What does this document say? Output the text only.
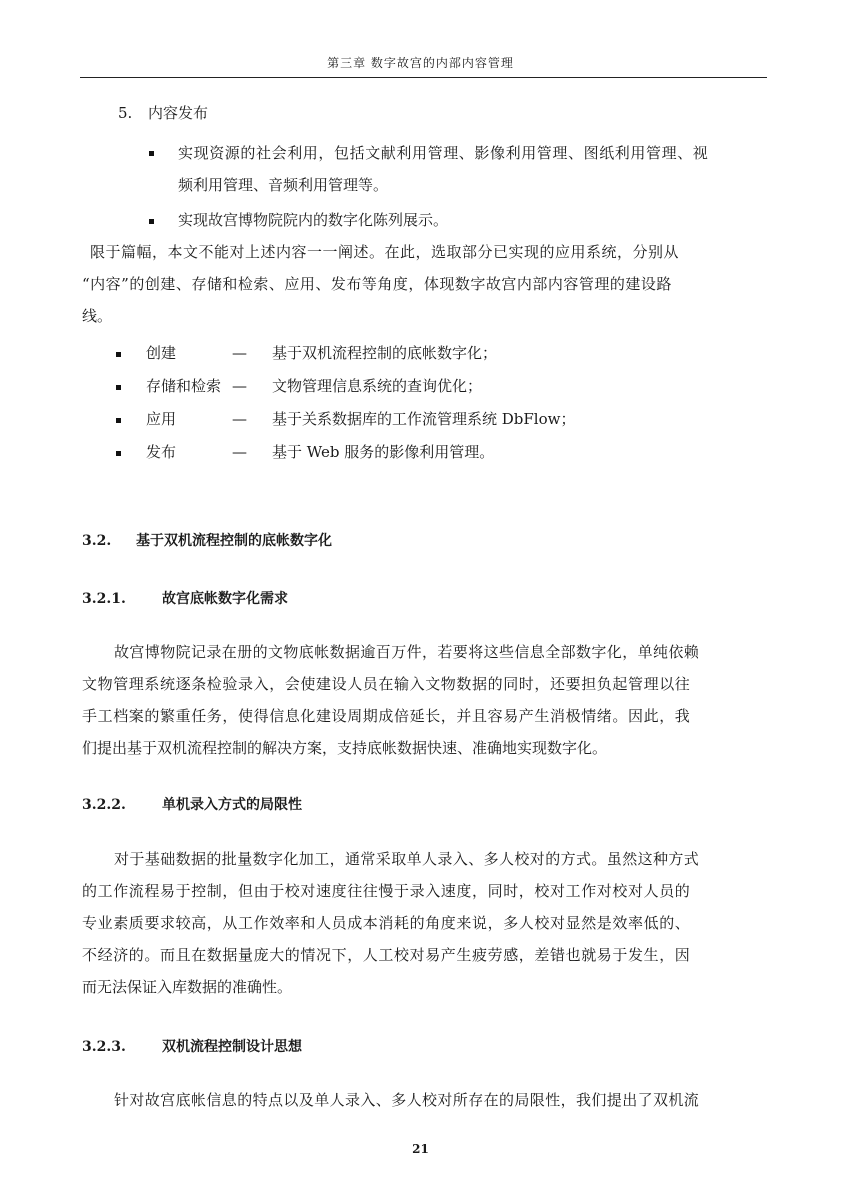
第三章 数字故宫的内部内容管理
5. 内容发布
实现资源的社会利用，包括文献利用管理、影像利用管理、图纸利用管理、视
频利用管理、音频利用管理等。
实现故宫博物院院内的数字化陈列展示。
限于篇幅，本文不能对上述内容一一阐述。在此，选取部分已实现的应用系统，分别从
“内容”的创建、存储和检索、应用、发布等角度，体现数字故宫内部内容管理的建设路
线。
创建	— 基于双机流程控制的底帐数字化；
存储和检索 — 文物管理信息系统的查询优化；
应用	— 基于关系数据库的工作流管理系统 DbFlow；
发布	— 基于 Web 服务的影像利用管理。
3.2. 基于双机流程控制的底帐数字化
3.2.1.	故宫底帐数字化需求
故宫博物院记录在册的文物底帐数据逾百万件，若要将这些信息全部数字化，单纯依赖
文物管理系统逐条检验录入，会使建设人员在输入文物数据的同时，还要担负起管理以往
手工档案的繁重任务，使得信息化建设周期成倍延长，并且容易产生消极情绪。因此，我
们提出基于双机流程控制的解决方案，支持底帐数据快速、准确地实现数字化。
3.2.2.	单机录入方式的局限性
对于基础数据的批量数字化加工，通常采取单人录入、多人校对的方式。虽然这种方式
的工作流程易于控制，但由于校对速度往往慢于录入速度，同时，校对工作对校对人员的
专业素质要求较高，从工作效率和人员成本消耗的角度来说，多人校对显然是效率低的、
不经济的。而且在数据量庞大的情况下，人工校对易产生疲劳感，差错也就易于发生，因
而无法保证入库数据的准确性。
3.2.3.	双机流程控制设计思想
针对故宫底帐信息的特点以及单人录入、多人校对所存在的局限性，我们提出了双机流
21
